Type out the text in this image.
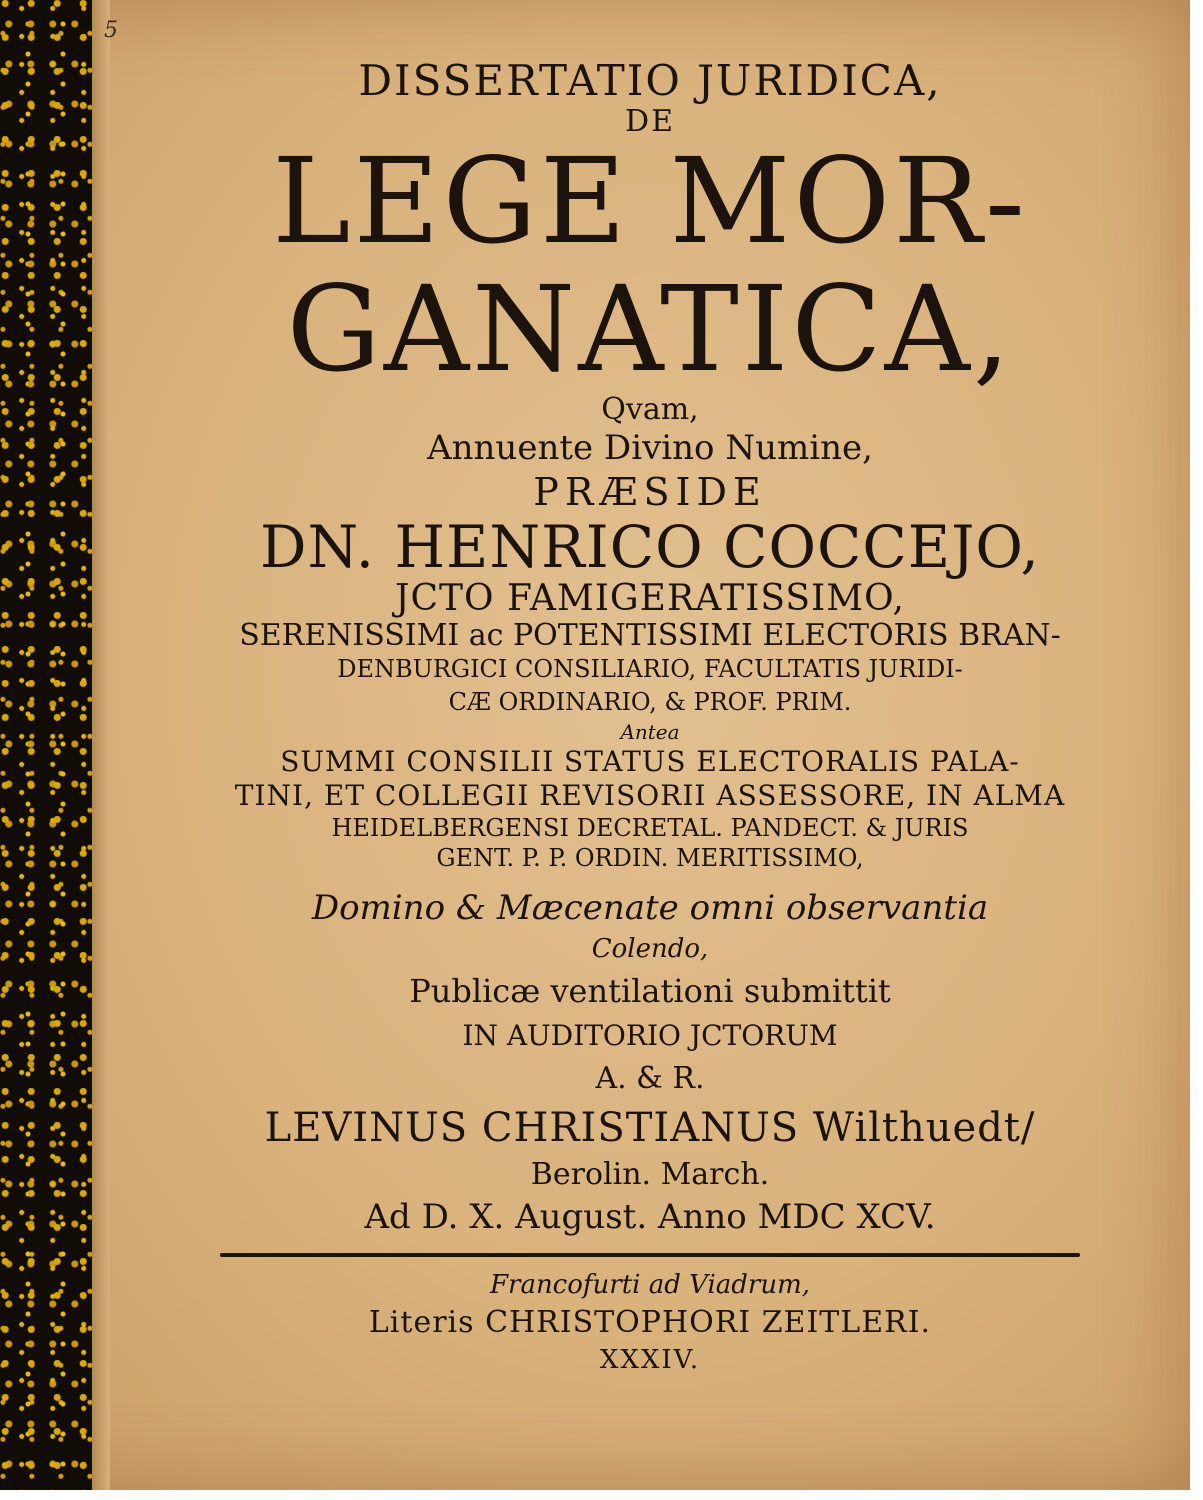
5
DISSERTATIO JURIDICA,
DE
LEGE MOR-
GANATICA,
Qvam,
Annuente Divino Numine,
PRÆSIDE
DN. HENRICO COCCEJO,
JCTO FAMIGERATISSIMO,
SERENISSIMI ac POTENTISSIMI ELECTORIS BRAN-
DENBURGICI CONSILIARIO, FACULTATIS JURIDI-
CÆ ORDINARIO, & PROF. PRIM.
Antea
SUMMI CONSILII STATUS ELECTORALIS PALA-
TINI, ET COLLEGII REVISORII ASSESSORE, IN ALMA
HEIDELBERGENSI DECRETAL. PANDECT. & JURIS
GENT. P. P. ORDIN. MERITISSIMO,
Domino & Mæcenate omni observantia
Colendo,
Publicæ ventilationi submittit
IN AUDITORIO JCTORUM
A. & R.
LEVINUS CHRISTIANUS Wilthuedt/
Berolin. March.
Ad D. X. August. Anno MDC XCV.
Francofurti ad Viadrum,
Literis CHRISTOPHORI ZEITLERI.
XXXIV.
